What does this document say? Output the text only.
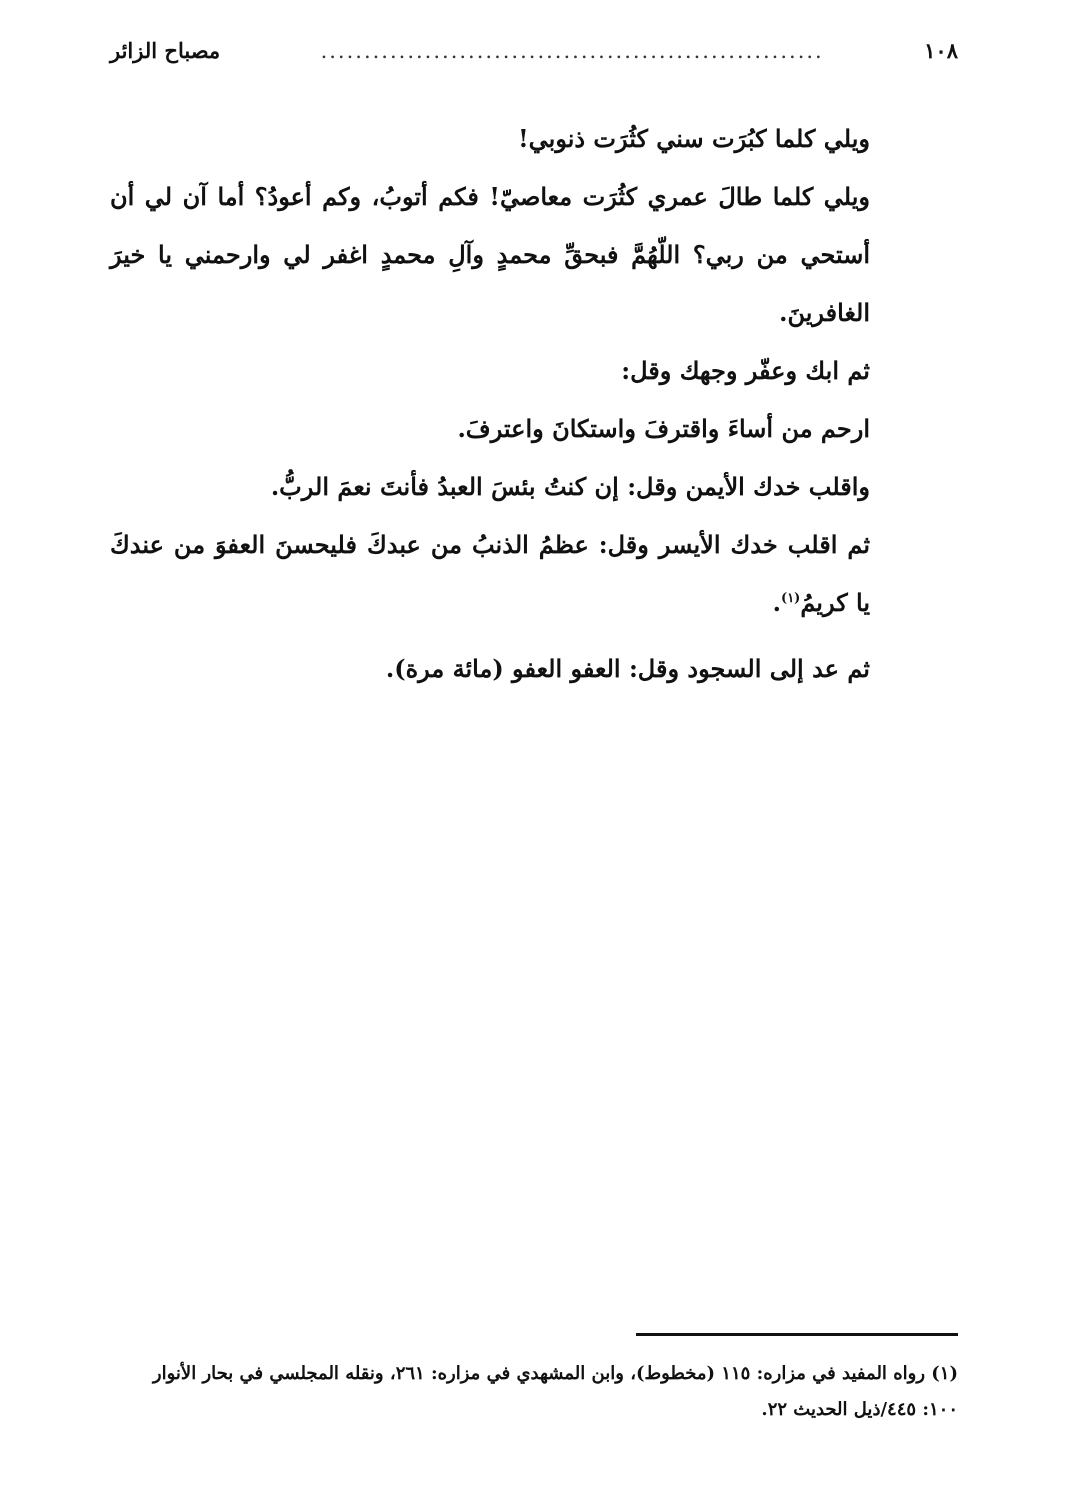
١٠٨
..........................................................
مصباح الزائر

ويلي كلما كبُرَت سني كثُرَت ذنوبي!

ويلي كلما طالَ عمري كثُرَت معاصيّ! فكم أتوبُ، وكم أعودُ؟ أما آن لي أن أستحي من ربي؟ اللّهُمَّ فبحقِّ محمدٍ وآلِ محمدٍ اغفر لي وارحمني يا خيرَ الغافرينَ.

ثم ابك وعفّر وجهك وقل:

ارحم من أساءَ واقترفَ واستكانَ واعترفَ.

واقلب خدك الأيمن وقل: إن كنتُ بئسَ العبدُ فأنتَ نعمَ الربُّ.

ثم اقلب خدك الأيسر وقل: عظمُ الذنبُ من عبدكَ فليحسنَ العفوَ من عندكَ يا كريمُ$^{(١)}$.

ثم عد إلى السجود وقل: العفو العفو (مائة مرة).

(١) رواه المفيد في مزاره: ١١٥ (مخطوط)، وابن المشهدي في مزاره: ٢٦١، ونقله المجلسي في بحار الأنوار

١٠٠: ٤٤٥/ذيل الحديث ٢٢.
